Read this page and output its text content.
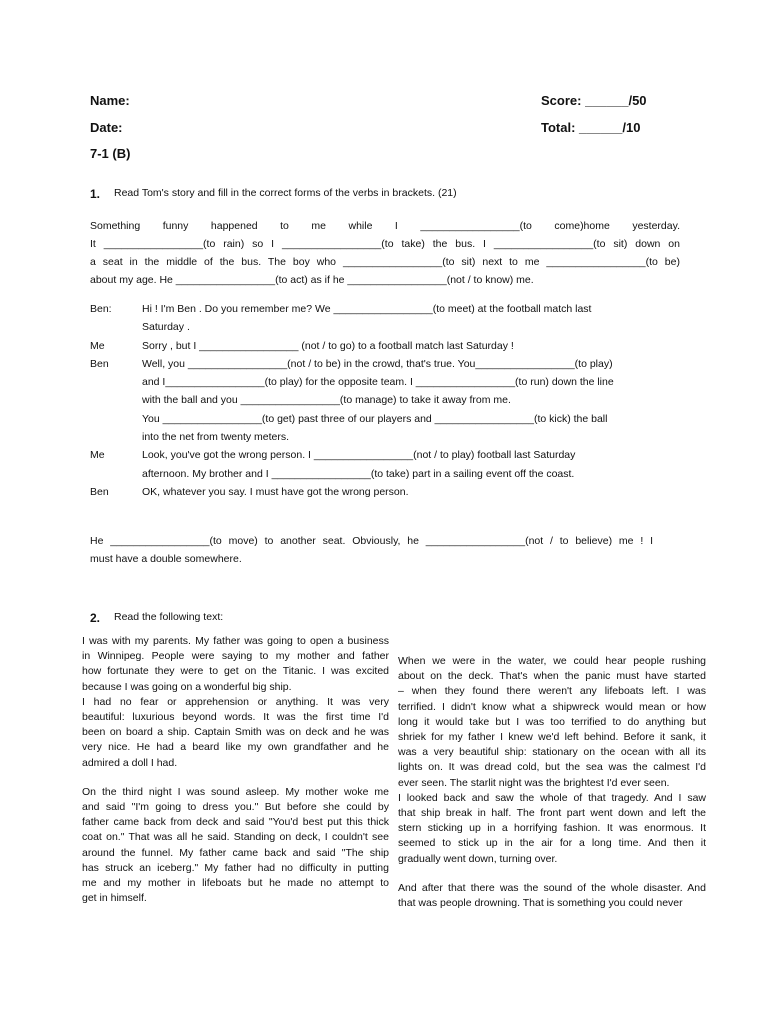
Name:
Date:
7-1 (B)
Score: ______/50
Total: ______/10
1. Read Tom's story and fill in the correct forms of the verbs in brackets. (21)
Something funny happened to me while I _________________(to come)home yesterday.
It _________________(to rain) so I _________________(to take) the bus. I _________________(to sit) down on
a seat in the middle of the bus. The boy who _________________(to sit) next to me _________________(to be)
about my age. He _________________(to act) as if he _________________(not / to know) me.
Ben:	Hi ! I'm Ben . Do you remember me? We _________________(to meet) at the football match last
Saturday .
Me	Sorry , but I _________________ (not / to go) to a football match last Saturday !
Ben	Well, you _________________(not / to be) in the crowd, that's true. You_________________(to play)
and I_________________(to play) for the opposite team. I _________________(to run) down the line
with the ball and you _________________(to manage) to take it away from me.
You _________________(to get) past three of our players and _________________(to kick) the ball
into the net from twenty meters.
Me	Look, you've got the wrong person. I _________________(not / to play) football last Saturday
afternoon. My brother and I _________________(to take) part in a sailing event off the coast.
Ben	OK, whatever you say. I must have got the wrong person.
He _________________(to move) to another seat. Obviously, he _________________(not / to believe) me ! I
must have a double somewhere.
2. Read the following text:
I was with my parents. My father was going to open a business
in Winnipeg. People were saying to my mother and father
how fortunate they were to get on the Titanic. I was excited
because I was going on a wonderful big ship.
I had no fear or apprehension or anything. It was very
beautiful: luxurious beyond words. It was the first time I'd
been on board a ship. Captain Smith was on deck and he was
very nice. He had a beard like my own grandfather and he
admired a doll I had.
On the third night I was sound asleep. My mother woke me
and said "I'm going to dress you." But before she could by
father came back from deck and said "You'd best put this thick
coat on." That was all he said. Standing on deck, I couldn't see
around the funnel. My father came back and said "The ship
has struck an iceberg." My father had no difficulty in putting
me and my mother in lifeboats but he made no attempt to
get in himself.
When we were in the water, we could hear people rushing
about on the deck. That's when the panic must have started
– when they found there weren't any lifeboats left. I was
terrified. I didn't know what a shipwreck would mean or how
long it would take but I was too terrified to do anything but
shriek for my father I knew we'd left behind. Before it sank, it
was a very beautiful ship: stationary on the ocean with all its
lights on. It was dread cold, but the sea was the calmest I'd
ever seen. The starlit night was the brightest I'd ever seen.
I looked back and saw the whole of that tragedy. And I saw
that ship break in half. The front part went down and left the
stern sticking up in a horrifying fashion. It was enormous. It
seemed to stick up in the air for a long time. And then it
gradually went down, turning over.
And after that there was the sound of the whole disaster. And
that was people drowning. That is something you could never
